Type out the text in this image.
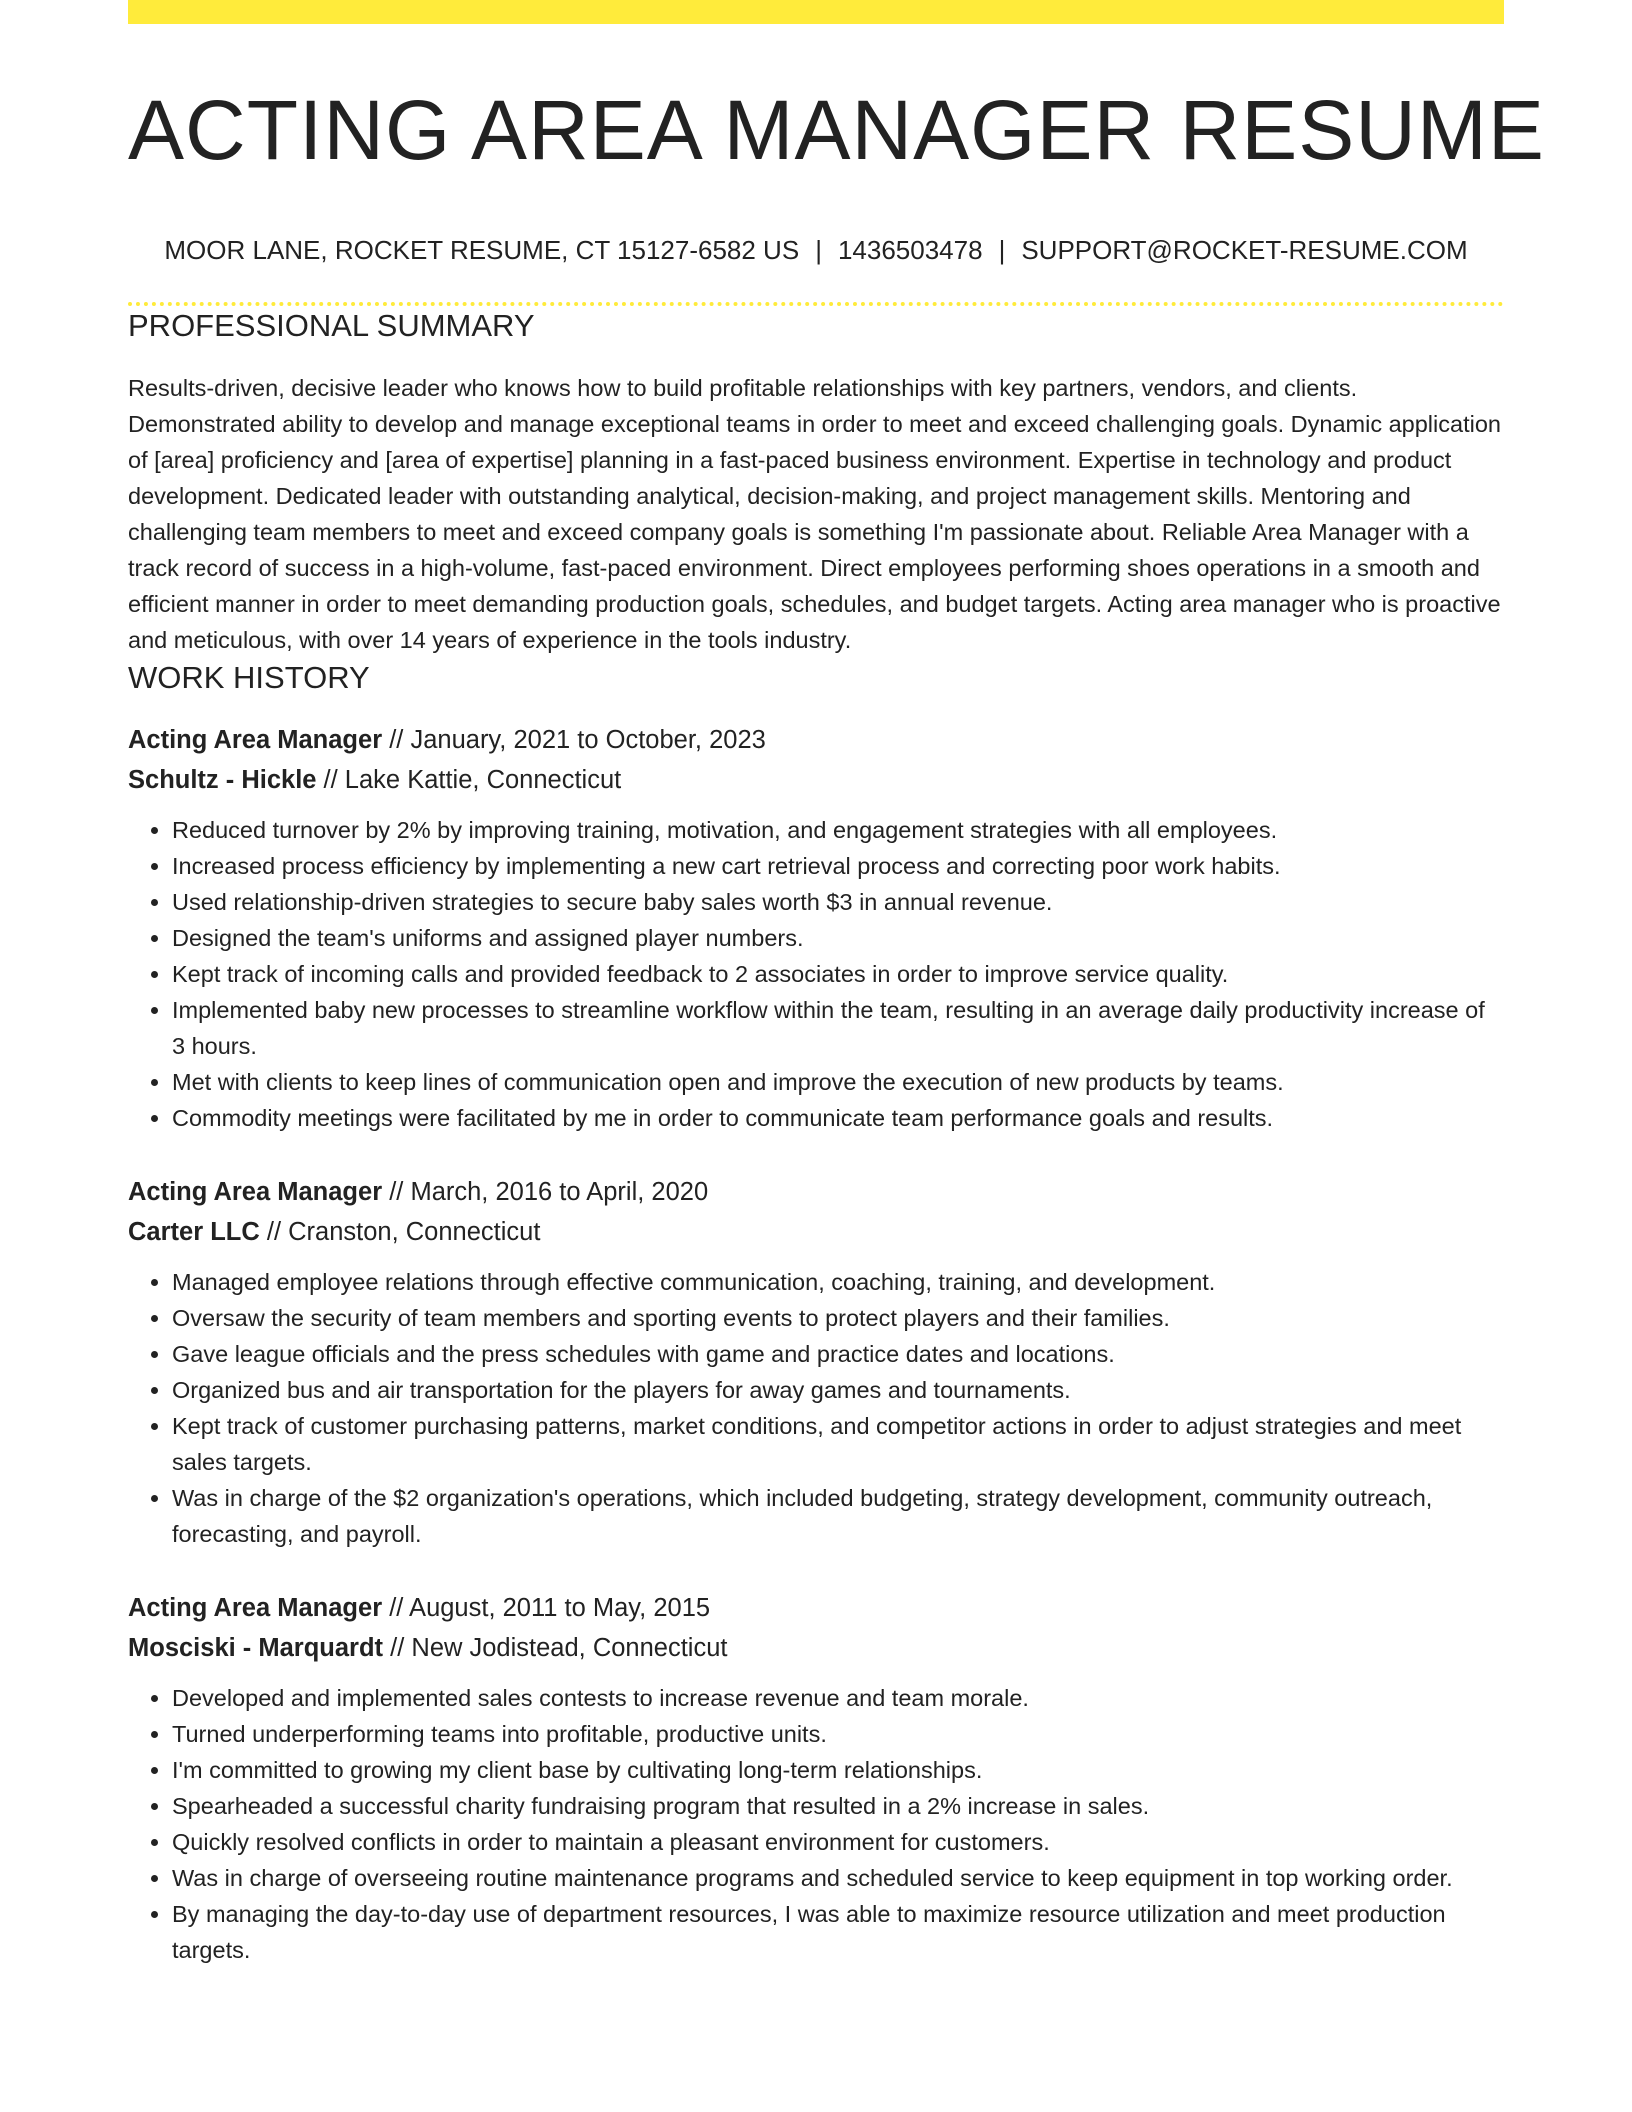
ACTING AREA MANAGER RESUME
MOOR LANE, ROCKET RESUME, CT 15127-6582 US | 1436503478 | SUPPORT@ROCKET-RESUME.COM
PROFESSIONAL SUMMARY

Results-driven, decisive leader who knows how to build profitable relationships with key partners, vendors, and clients. Demonstrated ability to develop and manage exceptional teams in order to meet and exceed challenging goals. Dynamic application of [area] proficiency and [area of expertise] planning in a fast-paced business environment. Expertise in technology and product development. Dedicated leader with outstanding analytical, decision-making, and project management skills. Mentoring and challenging team members to meet and exceed company goals is something I'm passionate about. Reliable Area Manager with a track record of success in a high-volume, fast-paced environment. Direct employees performing shoes operations in a smooth and efficient manner in order to meet demanding production goals, schedules, and budget targets. Acting area manager who is proactive and meticulous, with over 14 years of experience in the tools industry.

WORK HISTORY
Acting Area Manager // January, 2021 to October, 2023
Schultz - Hickle // Lake Kattie, Connecticut
• Reduced turnover by 2% by improving training, motivation, and engagement strategies with all employees.
• Increased process efficiency by implementing a new cart retrieval process and correcting poor work habits.
• Used relationship-driven strategies to secure baby sales worth $3 in annual revenue.
• Designed the team's uniforms and assigned player numbers.
• Kept track of incoming calls and provided feedback to 2 associates in order to improve service quality.
• Implemented baby new processes to streamline workflow within the team, resulting in an average daily productivity increase of 3 hours.
• Met with clients to keep lines of communication open and improve the execution of new products by teams.
• Commodity meetings were facilitated by me in order to communicate team performance goals and results.
Acting Area Manager // March, 2016 to April, 2020
Carter LLC // Cranston, Connecticut
• Managed employee relations through effective communication, coaching, training, and development.
• Oversaw the security of team members and sporting events to protect players and their families.
• Gave league officials and the press schedules with game and practice dates and locations.
• Organized bus and air transportation for the players for away games and tournaments.
• Kept track of customer purchasing patterns, market conditions, and competitor actions in order to adjust strategies and meet sales targets.
• Was in charge of the $2 organization's operations, which included budgeting, strategy development, community outreach, forecasting, and payroll.
Acting Area Manager // August, 2011 to May, 2015
Mosciski - Marquardt // New Jodistead, Connecticut
• Developed and implemented sales contests to increase revenue and team morale.
• Turned underperforming teams into profitable, productive units.
• I'm committed to growing my client base by cultivating long-term relationships.
• Spearheaded a successful charity fundraising program that resulted in a 2% increase in sales.
• Quickly resolved conflicts in order to maintain a pleasant environment for customers.
• Was in charge of overseeing routine maintenance programs and scheduled service to keep equipment in top working order.
• By managing the day-to-day use of department resources, I was able to maximize resource utilization and meet production targets.
